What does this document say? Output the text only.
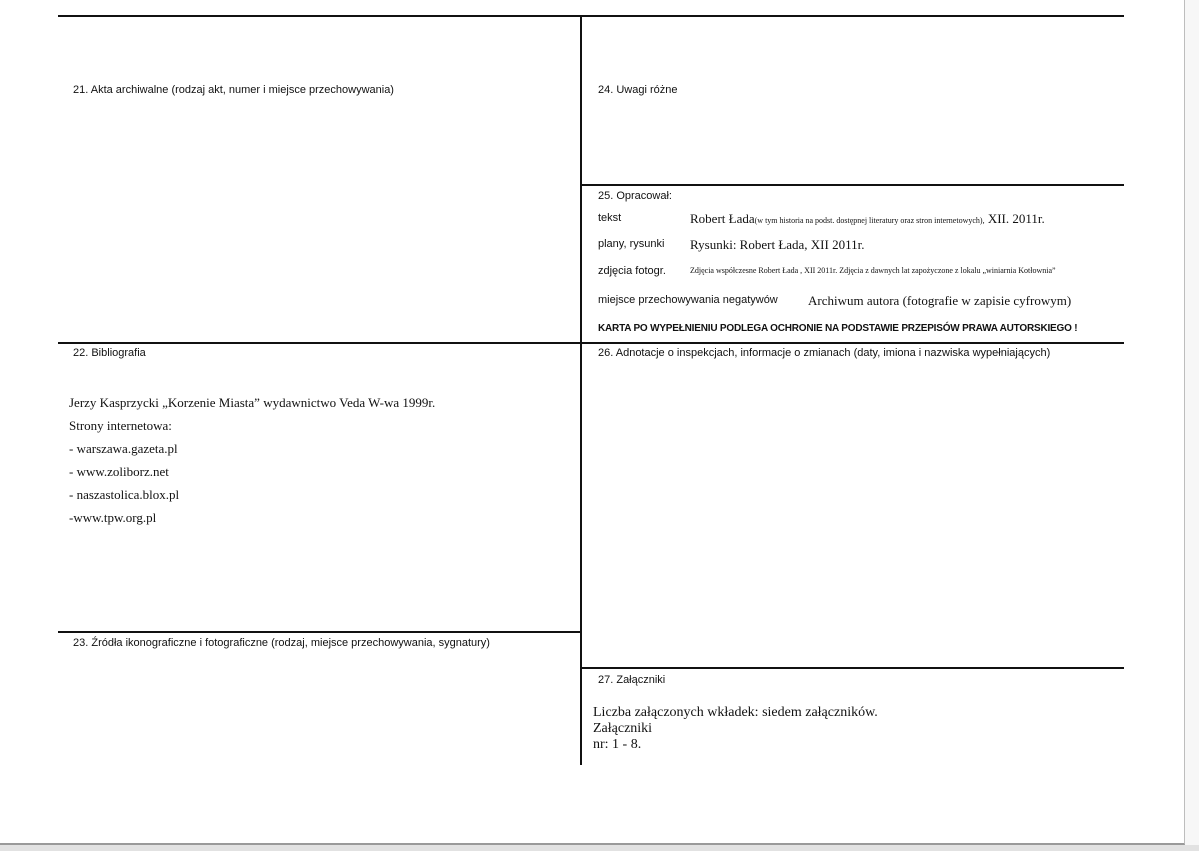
21. Akta archiwalne (rodzaj akt, numer i miejsce przechowywania)
22. Bibliografia
Jerzy Kasprzycki „Korzenie Miasta” wydawnictwo Veda W-wa 1999r.
Strony internetowa:
- warszawa.gazeta.pl
- www.zoliborz.net
- naszastolica.blox.pl
-www.tpw.org.pl
23. Źródła ikonograficzne i fotograficzne (rodzaj, miejsce przechowywania, sygnatury)
24. Uwagi różne
25. Opracował:
tekst	Robert Łada(w tym historia na podst. dostępnej literatury oraz stron internetowych), XII. 2011r.
plany, rysunki Rysunki: Robert Łada, XII 2011r.
zdjęcia fotogr.	Zdjęcia współczesne Robert Łada , XII 2011r. Zdjęcia z dawnych lat zapożyczone z lokalu „winiarnia Kotłownia”
miejsce przechowywania negatywów Archiwum autora (fotografie w zapisie cyfrowym)
KARTA PO WYPEŁNIENIU PODLEGA OCHRONIE NA PODSTAWIE PRZEPISÓW PRAWA AUTORSKIEGO !
26. Adnotacje o inspekcjach, informacje o zmianach (daty, imiona i nazwiska wypełniających)
27. Załączniki
Liczba załączonych wkładek: siedem załączników.
Załączniki
nr: 1 - 8.
